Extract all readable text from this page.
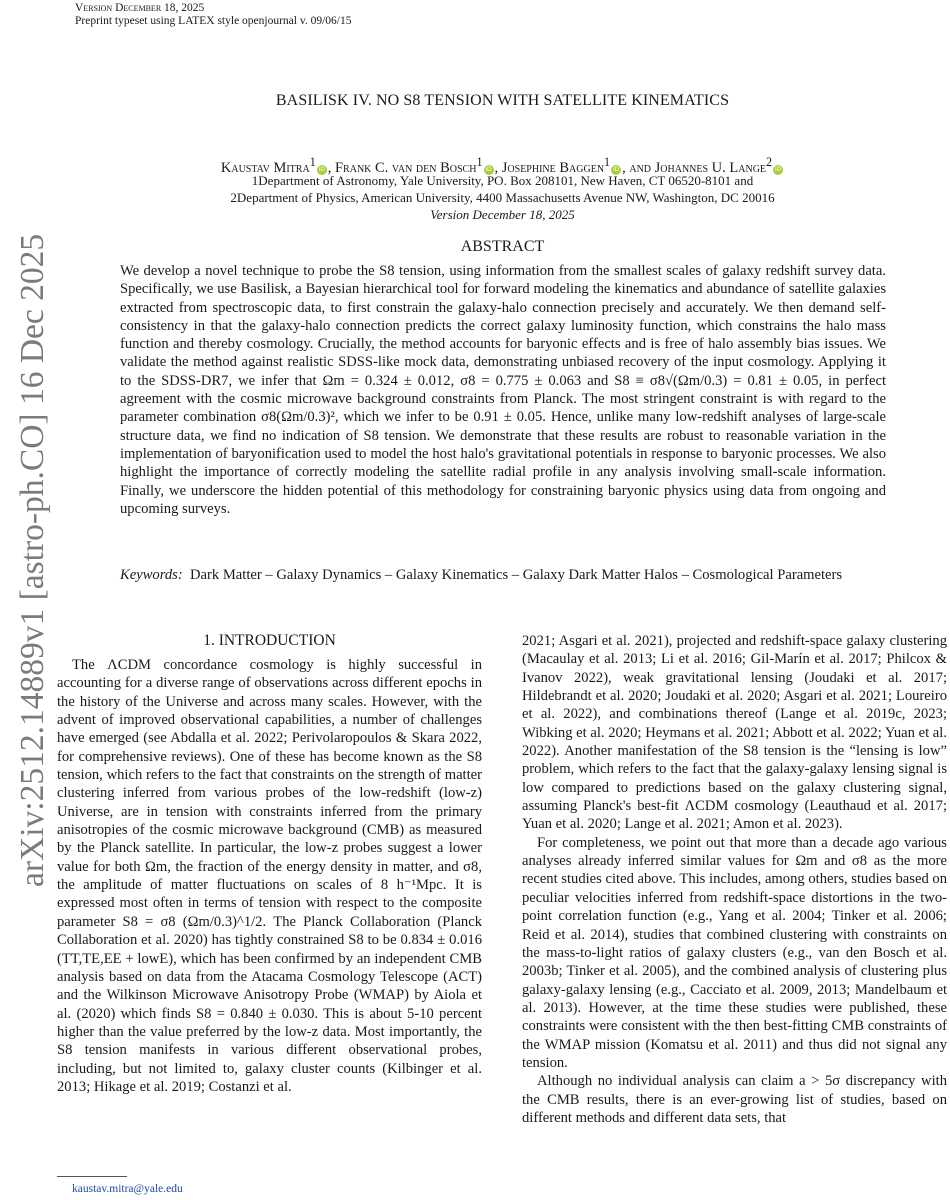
Version December 18, 2025
Preprint typeset using LATEX style openjournal v. 09/06/15
arXiv:2512.14889v1 [astro-ph.CO] 16 Dec 2025
BASILISK IV. NO S8 TENSION WITH SATELLITE KINEMATICS
Kaustav Mitra$^1$iD , Frank C. van den Bosch$^1$iD , Josephine Baggen$^1$iD , and Johannes U. Lange$^2$iD
1Department of Astronomy, Yale University, PO. Box 208101, New Haven, CT 06520-8101 and
2Department of Physics, American University, 4400 Massachusetts Avenue NW, Washington, DC 20016
Version December 18, 2025
ABSTRACT

We develop a novel technique to probe the S8 tension, using information from the smallest scales of galaxy redshift survey data. Specifically, we use Basilisk, a Bayesian hierarchical tool for forward modeling the kinematics and abundance of satellite galaxies extracted from spectroscopic data, to first constrain the galaxy-halo connection precisely and accurately. We then demand self-consistency in that the galaxy-halo connection predicts the correct galaxy luminosity function, which constrains the halo mass function and thereby cosmology. Crucially, the method accounts for baryonic effects and is free of halo assembly bias issues. We validate the method against realistic SDSS-like mock data, demonstrating unbiased recovery of the input cosmology. Applying it to the SDSS-DR7, we infer that Ωm = 0.324 ± 0.012, σ8 = 0.775 ± 0.063 and S8 ≡ σ8√(Ωm/0.3) = 0.81 ± 0.05, in perfect agreement with the cosmic microwave background constraints from Planck. The most stringent constraint is with regard to the parameter combination σ8(Ωm/0.3)², which we infer to be 0.91 ± 0.05. Hence, unlike many low-redshift analyses of large-scale structure data, we find no indication of S8 tension. We demonstrate that these results are robust to reasonable variation in the implementation of baryonification used to model the host halo's gravitational potentials in response to baryonic processes. We also highlight the importance of correctly modeling the satellite radial profile in any analysis involving small-scale information. Finally, we underscore the hidden potential of this methodology for constraining baryonic physics using data from ongoing and upcoming surveys.

Keywords: Dark Matter – Galaxy Dynamics – Galaxy Kinematics – Galaxy Dark Matter Halos – Cosmological Parameters
1. INTRODUCTION

The ΛCDM concordance cosmology is highly successful in accounting for a diverse range of observations across different epochs in the history of the Universe and across many scales. However, with the advent of improved observational capabilities, a number of challenges have emerged (see Abdalla et al. 2022; Perivolaropoulos & Skara 2022, for comprehensive reviews). One of these has become known as the S8 tension, which refers to the fact that constraints on the strength of matter clustering inferred from various probes of the low-redshift (low-z) Universe, are in tension with constraints inferred from the primary anisotropies of the cosmic microwave background (CMB) as measured by the Planck satellite. In particular, the low-z probes suggest a lower value for both Ωm, the fraction of the energy density in matter, and σ8, the amplitude of matter fluctuations on scales of 8 h⁻¹Mpc. It is expressed most often in terms of tension with respect to the composite parameter S8 = σ8 (Ωm/0.3)^1/2. The Planck Collaboration (Planck Collaboration et al. 2020) has tightly constrained S8 to be 0.834 ± 0.016 (TT,TE,EE + lowE), which has been confirmed by an independent CMB analysis based on data from the Atacama Cosmology Telescope (ACT) and the Wilkinson Microwave Anisotropy Probe (WMAP) by Aiola et al. (2020) which finds S8 = 0.840 ± 0.030. This is about 5-10 percent higher than the value preferred by the low-z data. Most importantly, the S8 tension manifests in various different observational probes, including, but not limited to, galaxy cluster counts (Kilbinger et al. 2013; Hikage et al. 2019; Costanzi et al.

2021; Asgari et al. 2021), projected and redshift-space galaxy clustering (Macaulay et al. 2013; Li et al. 2016; Gil-Marín et al. 2017; Philcox & Ivanov 2022), weak gravitational lensing (Joudaki et al. 2017; Hildebrandt et al. 2020; Joudaki et al. 2020; Asgari et al. 2021; Loureiro et al. 2022), and combinations thereof (Lange et al. 2019c, 2023; Wibking et al. 2020; Heymans et al. 2021; Abbott et al. 2022; Yuan et al. 2022). Another manifestation of the S8 tension is the “lensing is low” problem, which refers to the fact that the galaxy-galaxy lensing signal is low compared to predictions based on the galaxy clustering signal, assuming Planck's best-fit ΛCDM cosmology (Leauthaud et al. 2017; Yuan et al. 2020; Lange et al. 2021; Amon et al. 2023).

For completeness, we point out that more than a decade ago various analyses already inferred similar values for Ωm and σ8 as the more recent studies cited above. This includes, among others, studies based on peculiar velocities inferred from redshift-space distortions in the two-point correlation function (e.g., Yang et al. 2004; Tinker et al. 2006; Reid et al. 2014), studies that combined clustering with constraints on the mass-to-light ratios of galaxy clusters (e.g., van den Bosch et al. 2003b; Tinker et al. 2005), and the combined analysis of clustering plus galaxy-galaxy lensing (e.g., Cacciato et al. 2009, 2013; Mandelbaum et al. 2013). However, at the time these studies were published, these constraints were consistent with the then best-fitting CMB constraints of the WMAP mission (Komatsu et al. 2011) and thus did not signal any tension.

Although no individual analysis can claim a > 5σ discrepancy with the CMB results, there is an ever-growing list of studies, based on different methods and different data sets, that

kaustav.mitra@yale.edu
